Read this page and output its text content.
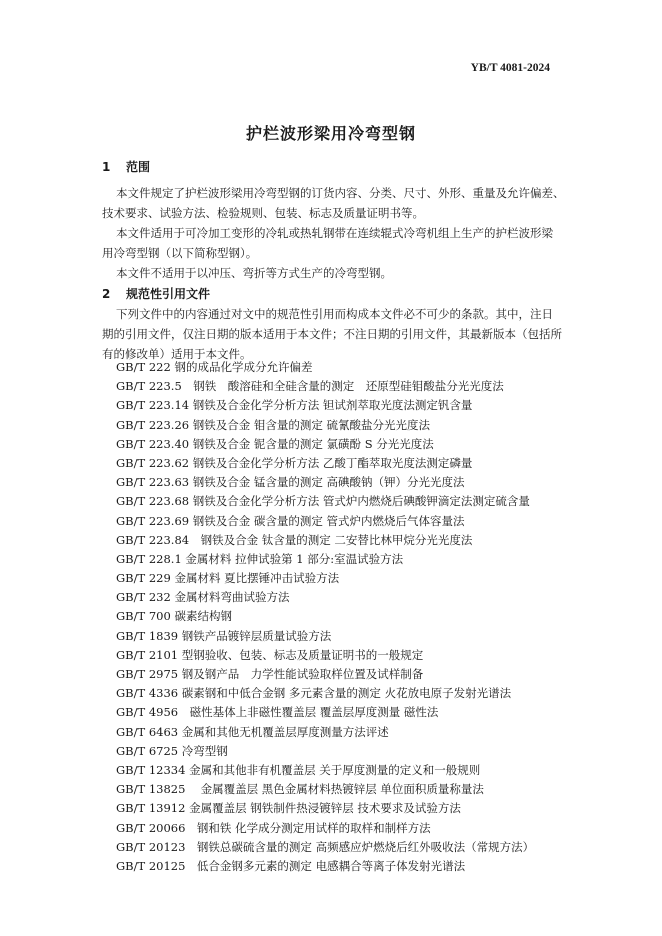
YB/T 4081-2024
护栏波形梁用冷弯型钢
1 范围
本文件规定了护栏波形梁用冷弯型钢的订货内容、分类、尺寸、外形、重量及允许偏差、
技术要求、试验方法、检验规则、包装、标志及质量证明书等。
本文件适用于可冷加工变形的冷轧或热轧钢带在连续辊式冷弯机组上生产的护栏波形梁
用冷弯型钢（以下简称型钢）。
本文件不适用于以冲压、弯折等方式生产的冷弯型钢。
2 规范性引用文件
下列文件中的内容通过对文中的规范性引用而构成本文件必不可少的条款。其中，注日
期的引用文件，仅注日期的版本适用于本文件；不注日期的引用文件，其最新版本（包括所
有的修改单）适用于本文件。
GB/T 222 钢的成品化学成分允许偏差
GB/T 223.5　钢铁　酸溶硅和全硅含量的测定　还原型硅钼酸盐分光光度法
GB/T 223.14 钢铁及合金化学分析方法 钽试剂萃取光度法测定钒含量
GB/T 223.26 钢铁及合金 钼含量的测定 硫氰酸盐分光光度法
GB/T 223.40 钢铁及合金 铌含量的测定 氯磺酚 S 分光光度法
GB/T 223.62 钢铁及合金化学分析方法 乙酸丁酯萃取光度法测定磷量
GB/T 223.63 钢铁及合金 锰含量的测定 高碘酸钠（钾）分光光度法
GB/T 223.68 钢铁及合金化学分析方法 管式炉内燃烧后碘酸钾滴定法测定硫含量
GB/T 223.69 钢铁及合金 碳含量的测定 管式炉内燃烧后气体容量法
GB/T 223.84　钢铁及合金 钛含量的测定 二安替比林甲烷分光光度法
GB/T 228.1 金属材料 拉伸试验第 1 部分:室温试验方法
GB/T 229 金属材料 夏比摆锤冲击试验方法
GB/T 232 金属材料弯曲试验方法
GB/T 700 碳素结构钢
GB/T 1839 钢铁产品镀锌层质量试验方法
GB/T 2101 型钢验收、包装、标志及质量证明书的一般规定
GB/T 2975 钢及钢产品　力学性能试验取样位置及试样制备
GB/T 4336 碳素钢和中低合金钢 多元素含量的测定 火花放电原子发射光谱法
GB/T 4956　磁性基体上非磁性覆盖层 覆盖层厚度测量 磁性法
GB/T 6463 金属和其他无机覆盖层厚度测量方法评述
GB/T 6725 冷弯型钢
GB/T 12334 金属和其他非有机覆盖层 关于厚度测量的定义和一般规则
GB/T 13825　 金属覆盖层 黑色金属材料热镀锌层 单位面积质量称量法
GB/T 13912 金属覆盖层 钢铁制件热浸镀锌层 技术要求及试验方法
GB/T 20066　钢和铁 化学成分测定用试样的取样和制样方法
GB/T 20123　钢铁总碳硫含量的测定 高频感应炉燃烧后红外吸收法（常规方法）
GB/T 20125　低合金钢多元素的测定 电感耦合等离子体发射光谱法
